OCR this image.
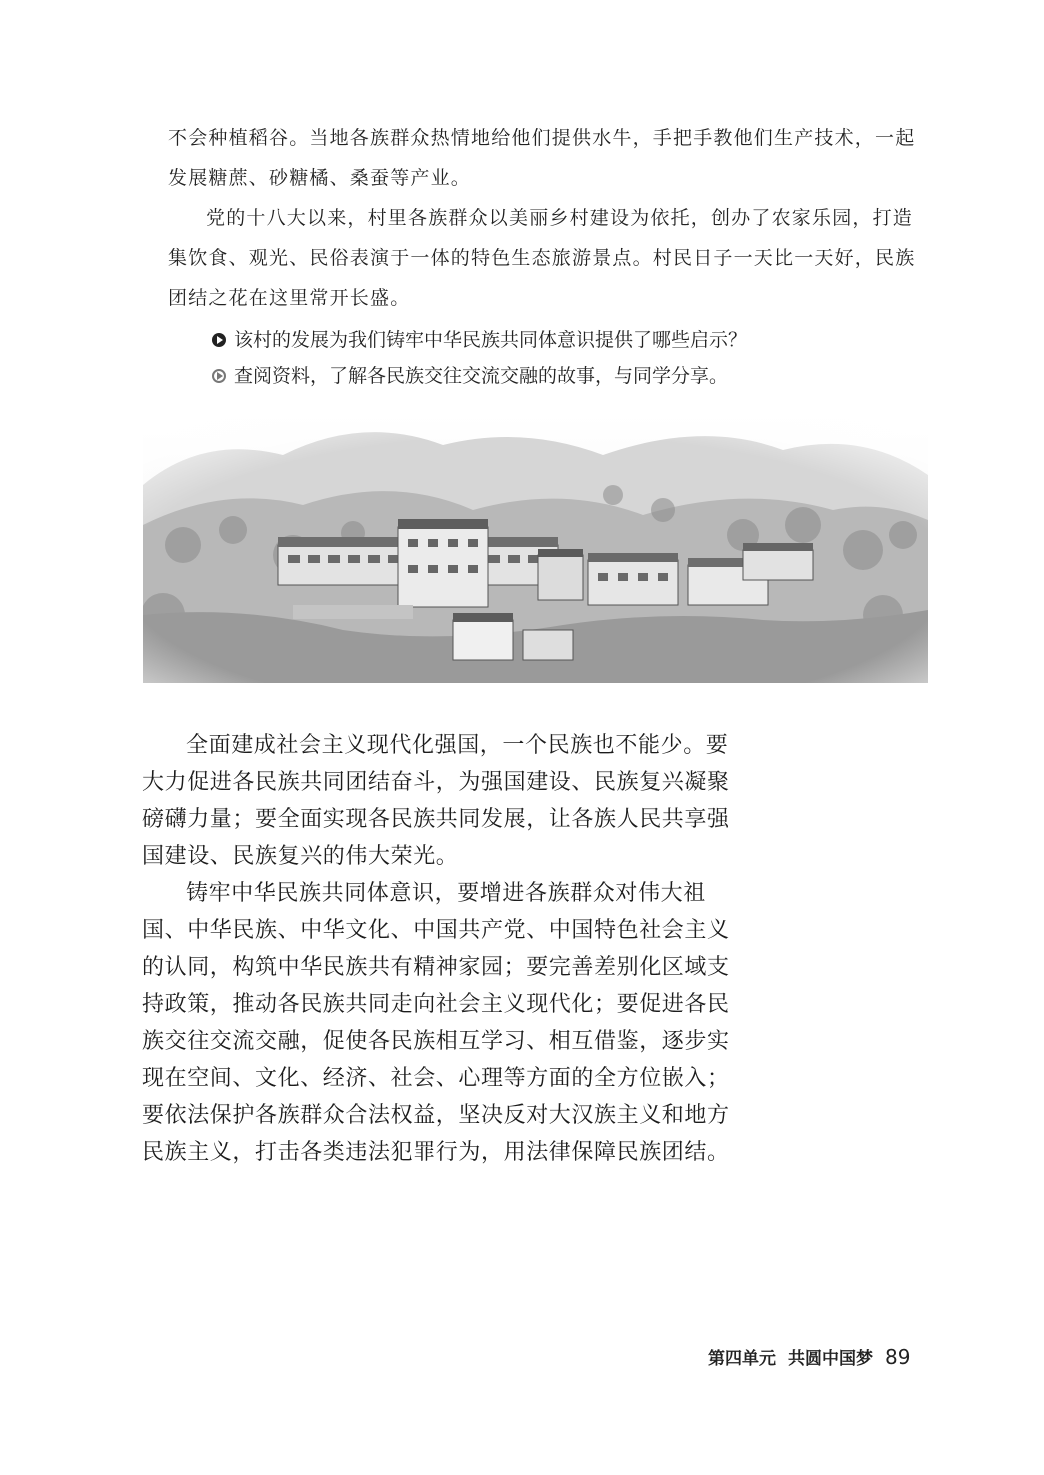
不会种植稻谷。当地各族群众热情地给他们提供水牛，手把手教他们生产技术，一起发展糖蔗、砂糖橘、桑蚕等产业。

党的十八大以来，村里各族群众以美丽乡村建设为依托，创办了农家乐园，打造集饮食、观光、民俗表演于一体的特色生态旅游景点。村民日子一天比一天好，民族团结之花在这里常开长盛。

该村的发展为我们铸牢中华民族共同体意识提供了哪些启示？
查阅资料，了解各民族交往交流交融的故事，与同学分享。

全面建成社会主义现代化强国，一个民族也不能少。要大力促进各民族共同团结奋斗，为强国建设、民族复兴凝聚磅礴力量；要全面实现各民族共同发展，让各族人民共享强国建设、民族复兴的伟大荣光。

铸牢中华民族共同体意识，要增进各族群众对伟大祖国、中华民族、中华文化、中国共产党、中国特色社会主义的认同，构筑中华民族共有精神家园；要完善差别化区域支持政策，推动各民族共同走向社会主义现代化；要促进各民族交往交流交融，促使各民族相互学习、相互借鉴，逐步实现在空间、文化、经济、社会、心理等方面的全方位嵌入；要依法保护各族群众合法权益，坚决反对大汉族主义和地方民族主义，打击各类违法犯罪行为，用法律保障民族团结。

第四单元 共圆中国梦 89
